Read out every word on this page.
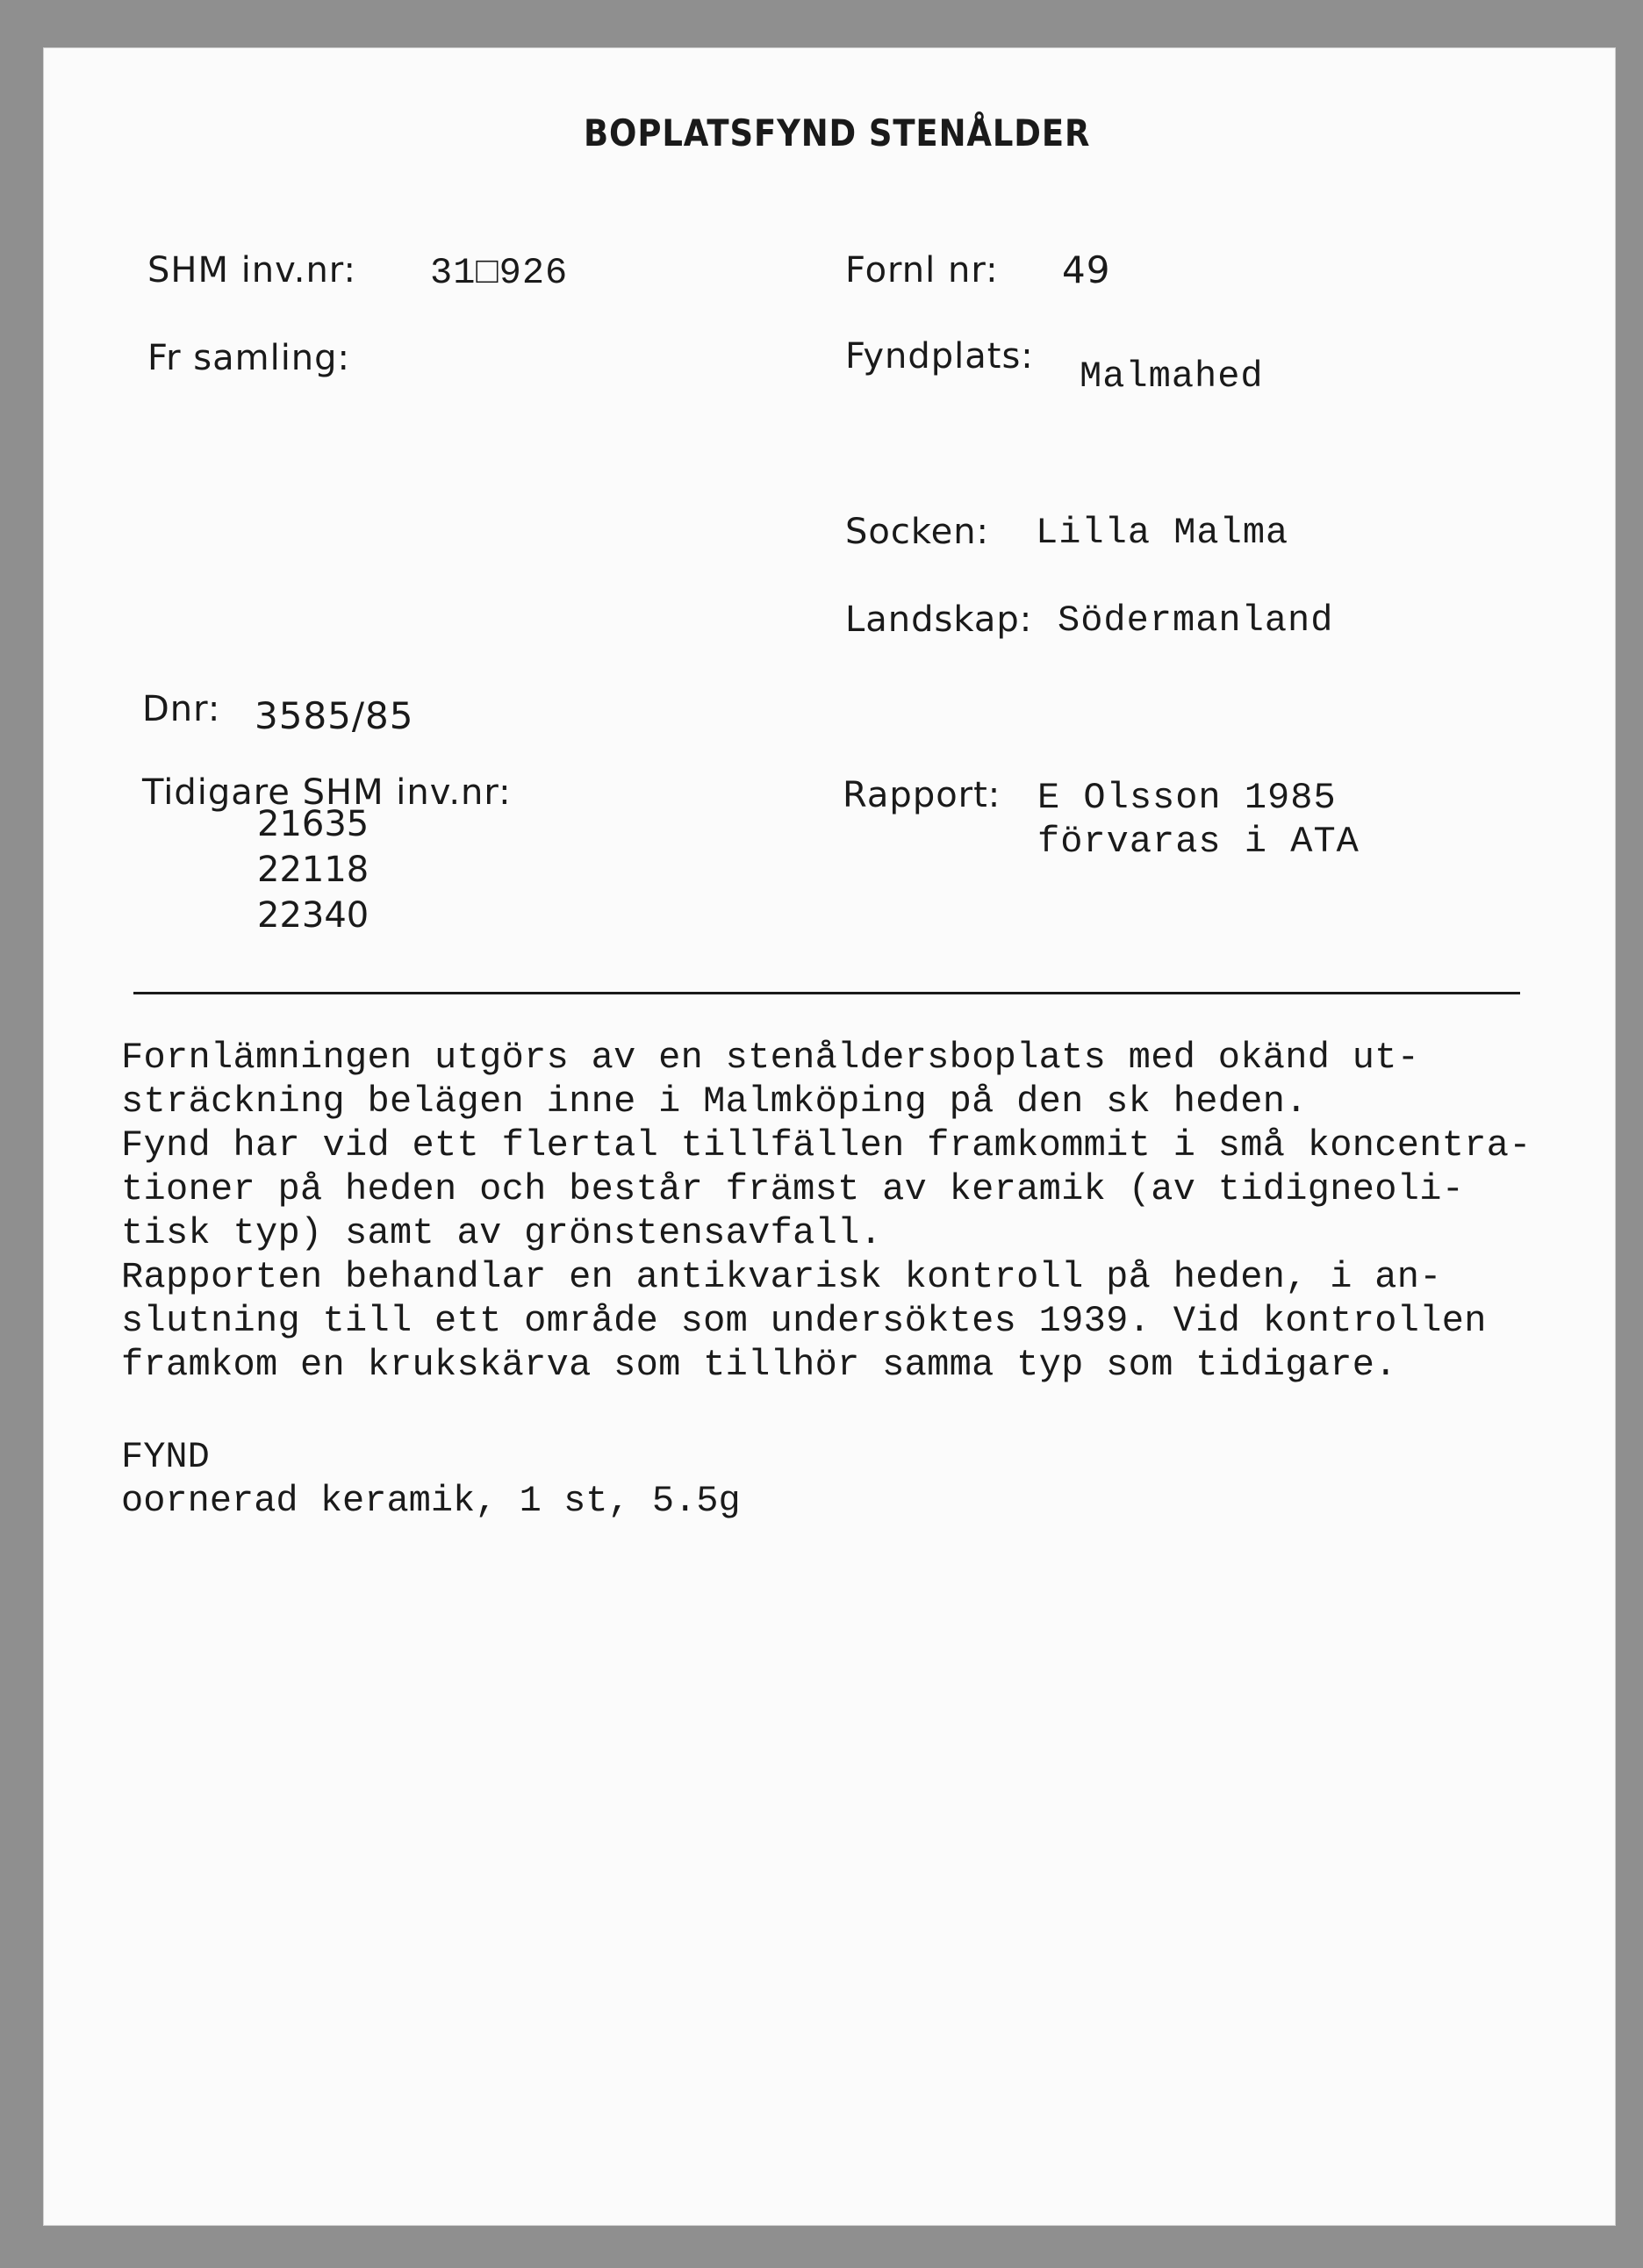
BOPLATSFYND STENÅLDER
SHM inv.nr: 31□926	Fornl nr: 49
Fr samling:	Fyndplats: Malmahed
Socken: Lilla Malma
Landskap: Södermanland
Dnr: 3585/85
Tidigare SHM inv.nr:
21635
22118
22340
Rapport: E Olsson 1985
förvaras i ATA
Fornlämningen utgörs av en stenåldersboplats med okänd ut-
sträckning belägen inne i Malmköping på den sk heden.
Fynd har vid ett flertal tillfällen framkommit i små koncentra-
tioner på heden och består främst av keramik (av tidigneoli-
tisk typ) samt av grönstensavfall.
Rapporten behandlar en antikvarisk kontroll på heden, i an-
slutning till ett område som undersöktes 1939. Vid kontrollen
framkom en krukskärva som tillhör samma typ som tidigare.
FYND
oornerad keramik, 1 st, 5.5g
